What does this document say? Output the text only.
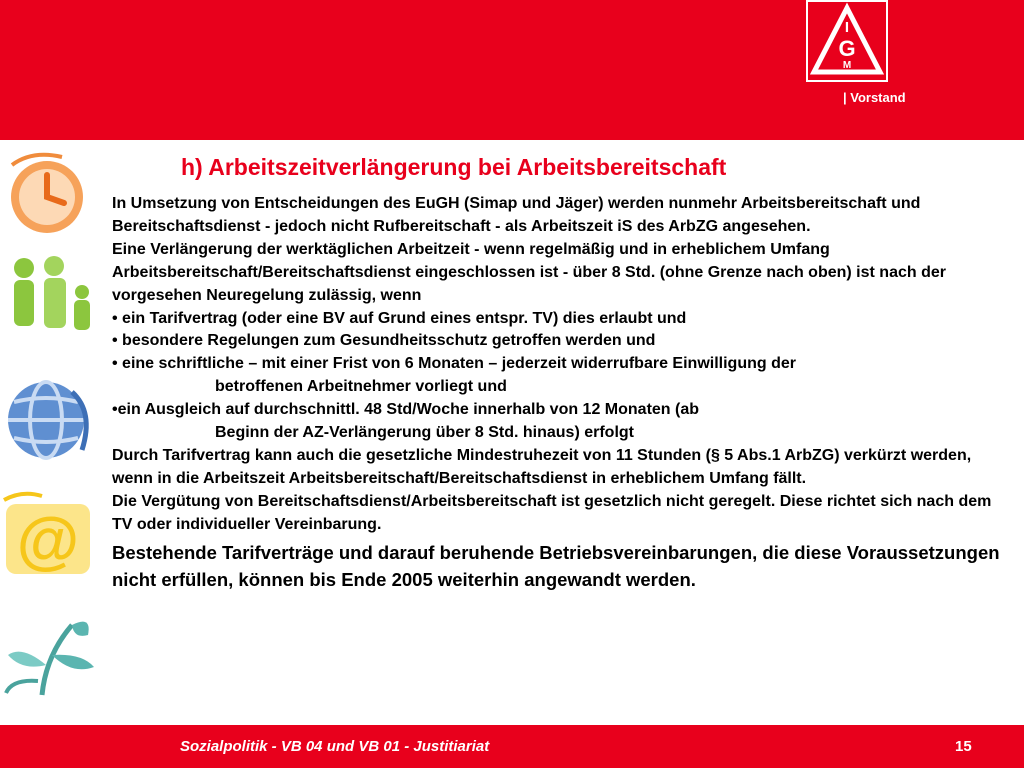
I
G
M
| Vorstand
@
h) Arbeitszeitverlängerung bei Arbeitsbereitschaft

In Umsetzung von Entscheidungen des EuGH (Simap und Jäger) werden nunmehr Arbeitsbereitschaft und Bereitschaftsdienst - jedoch nicht Rufbereitschaft - als Arbeitszeit iS des ArbZG angesehen.

Eine Verlängerung der werktäglichen Arbeitzeit - wenn regelmäßig und in erheblichem Umfang Arbeitsbereitschaft/Bereitschaftsdienst eingeschlossen ist - über 8 Std. (ohne Grenze nach oben) ist nach der vorgesehen Neuregelung zulässig, wenn

• ein Tarifvertrag (oder eine BV auf Grund eines entspr. TV) dies erlaubt und

• besondere Regelungen zum Gesundheitsschutz getroffen werden und

• eine schriftliche – mit einer Frist von 6 Monaten – jederzeit widerrufbare Einwilligung der

betroffenen Arbeitnehmer vorliegt und

•ein Ausgleich auf durchschnittl. 48 Std/Woche innerhalb von 12 Monaten (ab

Beginn der AZ-Verlängerung über 8 Std. hinaus) erfolgt

Durch Tarifvertrag kann auch die gesetzliche Mindestruhezeit von 11 Stunden (§ 5 Abs.1 ArbZG) verkürzt werden, wenn in die Arbeitszeit Arbeitsbereitschaft/Bereitschaftsdienst in erheblichem Umfang fällt.

Die Vergütung von Bereitschaftsdienst/Arbeitsbereitschaft ist gesetzlich nicht geregelt. Diese richtet sich nach dem TV oder individueller Vereinbarung.

Bestehende Tarifverträge und darauf beruhende Betriebsvereinbarungen, die diese Voraussetzungen nicht erfüllen, können bis Ende 2005 weiterhin angewandt werden.

Sozialpolitik - VB 04 und VB 01 - Justitiariat	15
